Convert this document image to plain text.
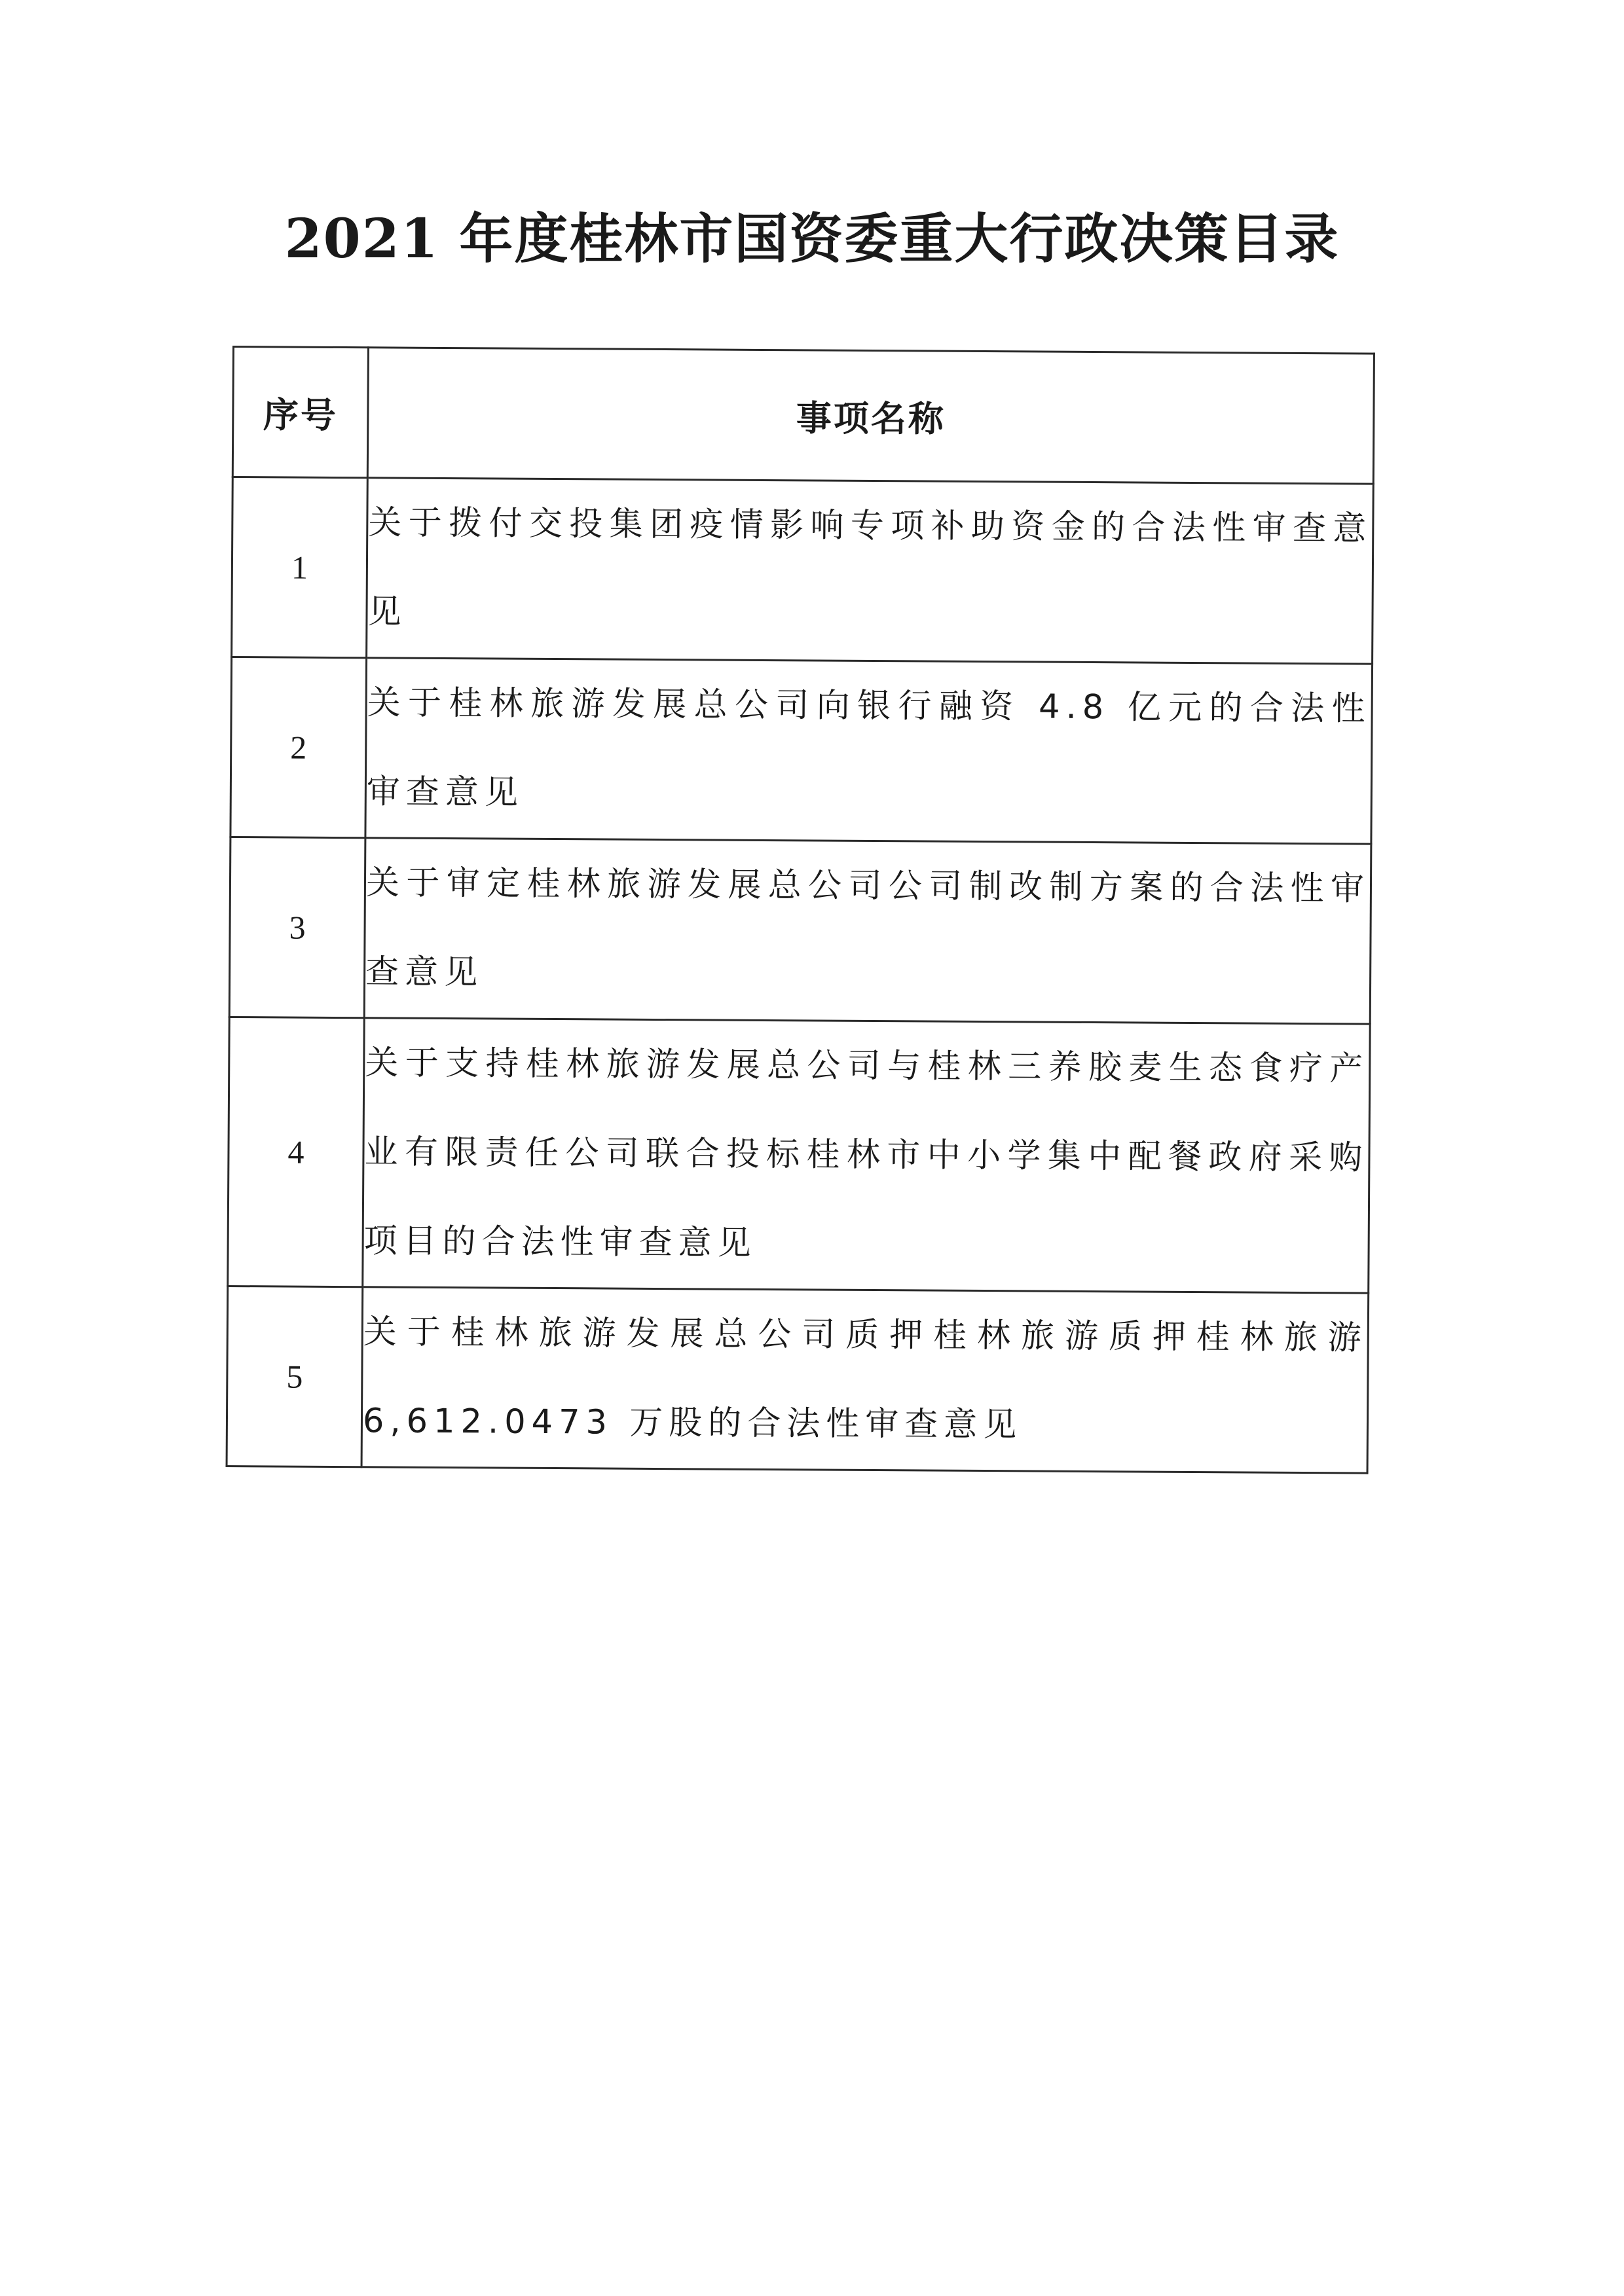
2021 年度桂林市国资委重大行政决策目录
序号	事项名称
1	关于拨付交投集团疫情影响专项补助资金的合法性审查意见
2	关于桂林旅游发展总公司向银行融资 4.8 亿元的合法性审查意见
3	关于审定桂林旅游发展总公司公司制改制方案的合法性审查意见
4	关于支持桂林旅游发展总公司与桂林三养胶麦生态食疗产业有限责任公司联合投标桂林市中小学集中配餐政府采购项目的合法性审查意见
5	关于桂林旅游发展总公司质押桂林旅游质押桂林旅游 6,612.0473 万股的合法性审查意见
